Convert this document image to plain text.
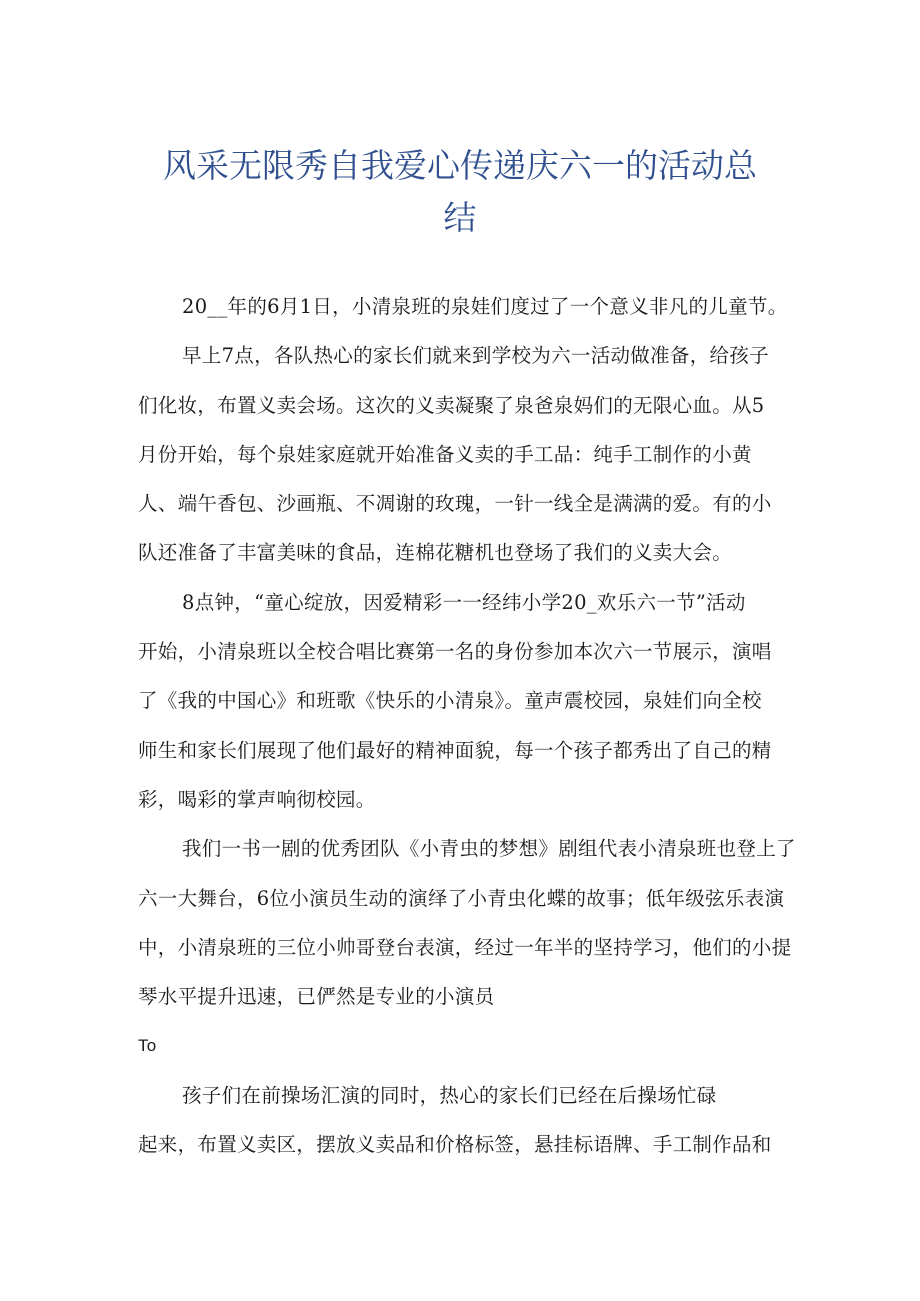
风采无限秀自我爱心传递庆六一的活动总
结
20__年的6月1日，小清泉班的泉娃们度过了一个意义非凡的儿童节。
早上7点，各队热心的家长们就来到学校为六一活动做准备，给孩子
们化妆，布置义卖会场。这次的义卖凝聚了泉爸泉妈们的无限心血。从5
月份开始，每个泉娃家庭就开始准备义卖的手工品：纯手工制作的小黄
人、端午香包、沙画瓶、不凋谢的玫瑰，一针一线全是满满的爱。有的小
队还准备了丰富美味的食品，连棉花糖机也登场了我们的义卖大会。
8点钟，“童心绽放，因爱精彩一一经纬小学20_欢乐六一节”活动
开始，小清泉班以全校合唱比赛第一名的身份参加本次六一节展示，演唱
了《我的中国心》和班歌《快乐的小清泉》。童声震校园，泉娃们向全校
师生和家长们展现了他们最好的精神面貌，每一个孩子都秀出了自己的精
彩，喝彩的掌声响彻校园。
我们一书一剧的优秀团队《小青虫的梦想》剧组代表小清泉班也登上了
六一大舞台，6位小演员生动的演绎了小青虫化蝶的故事；低年级弦乐表演
中，小清泉班的三位小帅哥登台表演，经过一年半的坚持学习，他们的小提
琴水平提升迅速，已俨然是专业的小演员
To
孩子们在前操场汇演的同时，热心的家长们已经在后操场忙碌
起来，布置义卖区，摆放义卖品和价格标签，悬挂标语牌、手工制作品和
